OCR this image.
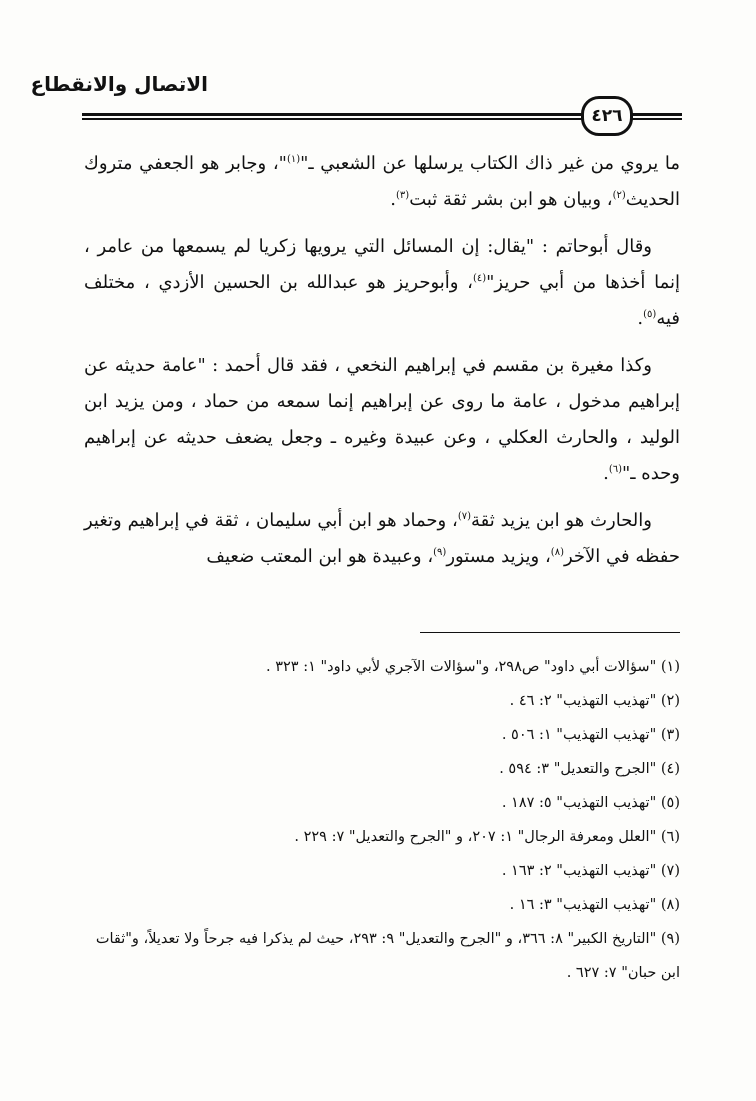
الاتصال والانقطاع
٤٢٦

ما يروي من غير ذاك الكتاب يرسلها عن الشعبي ـ"$^{(١)}$"، وجابر هو الجعفي متروك الحديث$^{(٢)}$، وبيان هو ابن بشر ثقة ثبت$^{(٣)}$.

وقال أبوحاتم : "يقال: إن المسائل التي يرويها زكريا لم يسمعها من عامر ، إنما أخذها من أبي حريز"$^{(٤)}$، وأبوحريز هو عبدالله بن الحسين الأزدي ، مختلف فيه$^{(٥)}$.

وكذا مغيرة بن مقسم في إبراهيم النخعي ، فقد قال أحمد : "عامة حديثه عن إبراهيم مدخول ، عامة ما روى عن إبراهيم إنما سمعه من حماد ، ومن يزيد ابن الوليد ، والحارث العكلي ، وعن عبيدة وغيره ـ وجعل يضعف حديثه عن إبراهيم وحده ـ"$^{(٦)}$.

والحارث هو ابن يزيد ثقة$^{(٧)}$، وحماد هو ابن أبي سليمان ، ثقة في إبراهيم وتغير حفظه في الآخر$^{(٨)}$، ويزيد مستور$^{(٩)}$، وعبيدة هو ابن المعتب ضعيف

(١) "سؤالات أبي داود" ص٢٩٨، و"سؤالات الآجري لأبي داود" ١: ٣٢٣ .

(٢) "تهذيب التهذيب" ٢: ٤٦ .

(٣) "تهذيب التهذيب" ١: ٥٠٦ .

(٤) "الجرح والتعديل" ٣: ٥٩٤ .

(٥) "تهذيب التهذيب" ٥: ١٨٧ .

(٦) "العلل ومعرفة الرجال" ١: ٢٠٧، و "الجرح والتعديل" ٧: ٢٢٩ .

(٧) "تهذيب التهذيب" ٢: ١٦٣ .

(٨) "تهذيب التهذيب" ٣: ١٦ .

(٩) "التاريخ الكبير" ٨: ٣٦٦، و "الجرح والتعديل" ٩: ٢٩٣، حيث لم يذكرا فيه جرحاً ولا تعديلاً، و"ثقات ابن حبان" ٧: ٦٢٧ .
